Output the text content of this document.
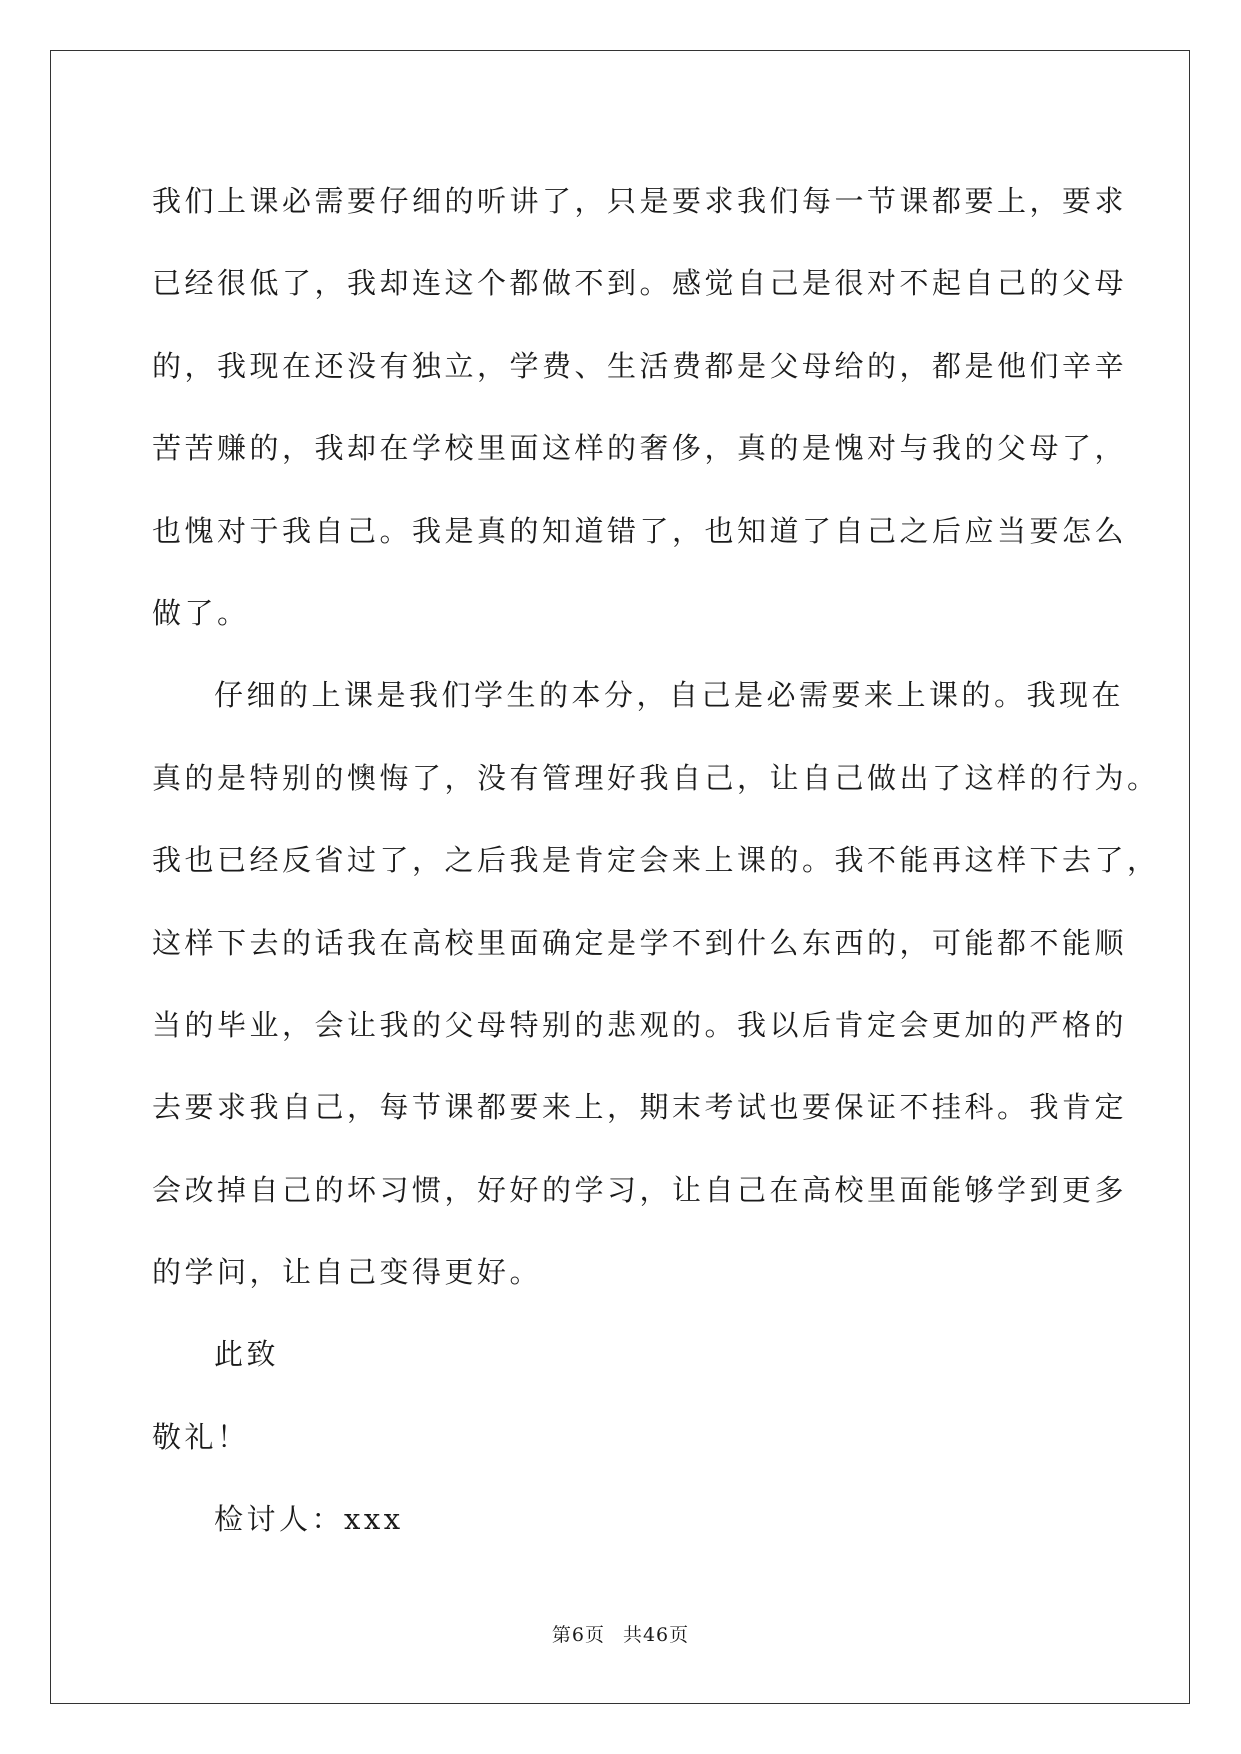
我们上课必需要仔细的听讲了，只是要求我们每一节课都要上，要求
已经很低了，我却连这个都做不到。感觉自己是很对不起自己的父母
的，我现在还没有独立，学费、生活费都是父母给的，都是他们辛辛
苦苦赚的，我却在学校里面这样的奢侈，真的是愧对与我的父母了，
也愧对于我自己。我是真的知道错了，也知道了自己之后应当要怎么
做了。
仔细的上课是我们学生的本分，自己是必需要来上课的。我现在
真的是特别的懊悔了，没有管理好我自己，让自己做出了这样的行为。
我也已经反省过了，之后我是肯定会来上课的。我不能再这样下去了，
这样下去的话我在高校里面确定是学不到什么东西的，可能都不能顺
当的毕业，会让我的父母特别的悲观的。我以后肯定会更加的严格的
去要求我自己，每节课都要来上，期末考试也要保证不挂科。我肯定
会改掉自己的坏习惯，好好的学习，让自己在高校里面能够学到更多
的学问，让自己变得更好。
此致
敬礼！
检讨人：xxx
第6页 共46页
